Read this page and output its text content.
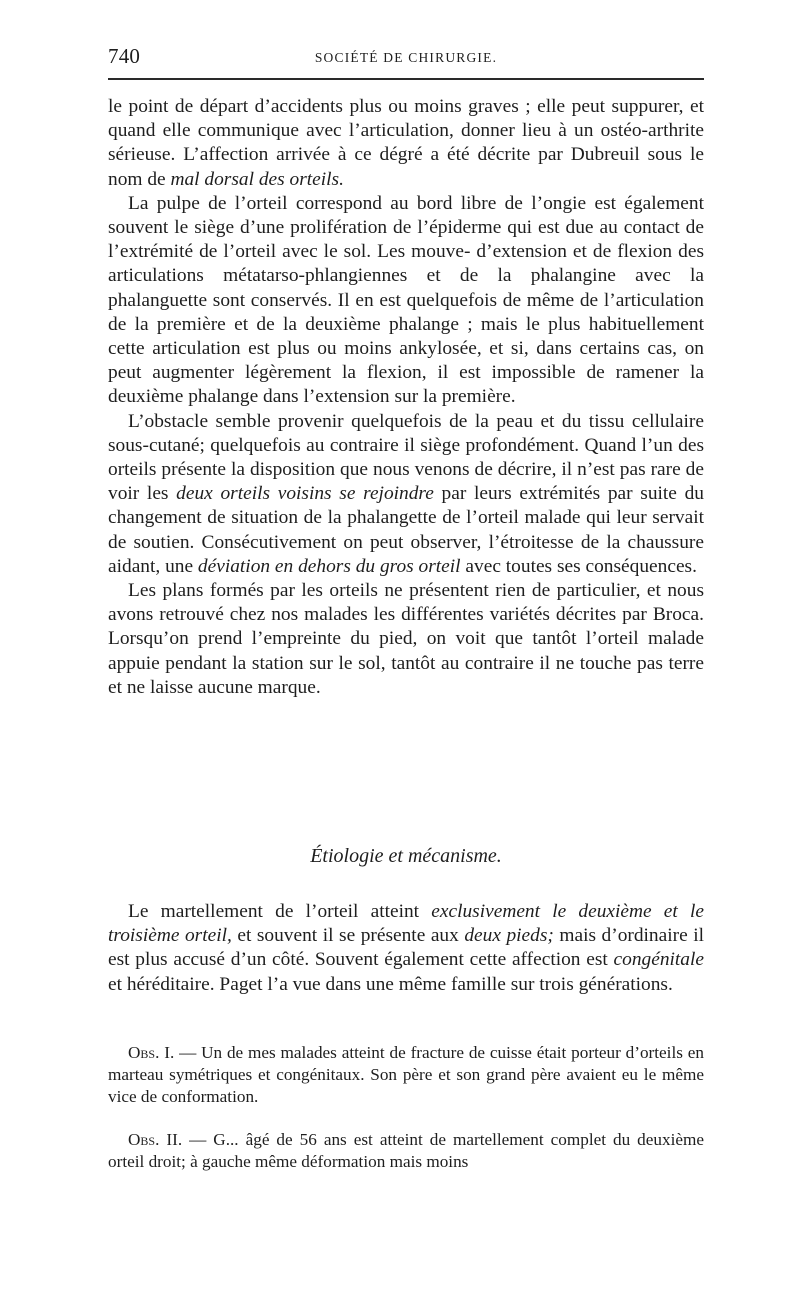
740	SOCIÉTÉ DE CHIRURGIE.

le point de départ d’accidents plus ou moins graves ; elle peut suppurer, et quand elle communique avec l’articulation, donner lieu à un ostéo-arthrite sérieuse. L’affection arrivée à ce dégré a été décrite par Dubreuil sous le nom de mal dorsal des orteils.

La pulpe de l’orteil correspond au bord libre de l’ongie est également souvent le siège d’une prolifération de l’épiderme qui est due au contact de l’extrémité de l’orteil avec le sol. Les mouve- d’extension et de flexion des articulations métatarso-phlangiennes et de la phalangine avec la phalanguette sont conservés. Il en est quelquefois de même de l’articulation de la première et de la deuxième phalange ; mais le plus habituellement cette articulation est plus ou moins ankylosée, et si, dans certains cas, on peut augmenter légèrement la flexion, il est impossible de ramener la deuxième phalange dans l’extension sur la première.

L’obstacle semble provenir quelquefois de la peau et du tissu cellulaire sous-cutané; quelquefois au contraire il siège profondément. Quand l’un des orteils présente la disposition que nous venons de décrire, il n’est pas rare de voir les deux orteils voisins se rejoindre par leurs extrémités par suite du changement de situation de la phalangette de l’orteil malade qui leur servait de soutien. Consécutivement on peut observer, l’étroitesse de la chaussure aidant, une déviation en dehors du gros orteil avec toutes ses conséquences.

Les plans formés par les orteils ne présentent rien de particulier, et nous avons retrouvé chez nos malades les différentes variétés décrites par Broca. Lorsqu’on prend l’empreinte du pied, on voit que tantôt l’orteil malade appuie pendant la station sur le sol, tantôt au contraire il ne touche pas terre et ne laisse aucune marque.

Étiologie et mécanisme.

Le martellement de l’orteil atteint exclusivement le deuxième et le troisième orteil, et souvent il se présente aux deux pieds; mais d’ordinaire il est plus accusé d’un côté. Souvent également cette affection est congénitale et héréditaire. Paget l’a vue dans une même famille sur trois générations.

Obs. I. — Un de mes malades atteint de fracture de cuisse était porteur d’orteils en marteau symétriques et congénitaux. Son père et son grand père avaient eu le même vice de conformation.

Obs. II. — G... âgé de 56 ans est atteint de martellement complet du deuxième orteil droit; à gauche même déformation mais moins
